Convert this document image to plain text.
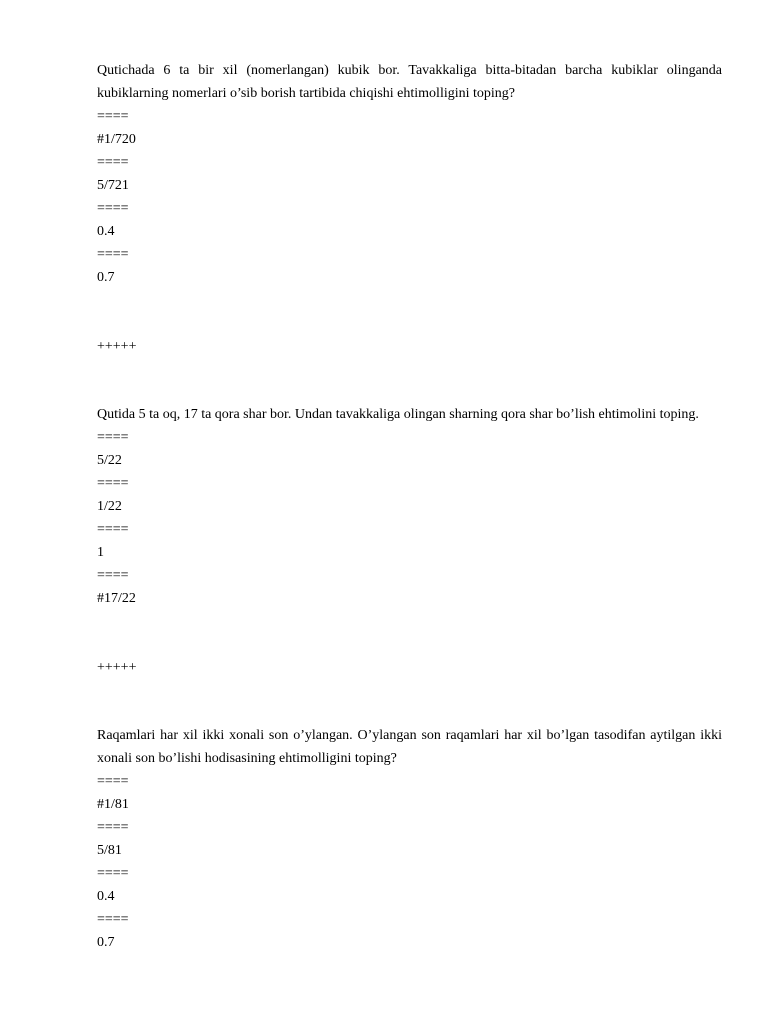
Qutichada 6 ta bir xil (nomerlangan) kubik bor. Tavakkaliga bitta-bitadan barcha kubiklar olinganda kubiklarning nomerlari o’sib borish tartibida chiqishi ehtimolligini toping?

====

#1/720

====

5/721

====

0.4

====

0.7

+++++

Qutida 5 ta oq, 17 ta qora shar bor. Undan tavakkaliga olingan sharning qora shar bo’lish ehtimolini toping.

====

5/22

====

1/22

====

1

====

#17/22

+++++

Raqamlari har xil ikki xonali son o’ylangan. O’ylangan son raqamlari har xil bo’lgan tasodifan aytilgan ikki xonali son bo’lishi hodisasining ehtimolligini toping?

====

#1/81

====

5/81

====

0.4

====

0.7
